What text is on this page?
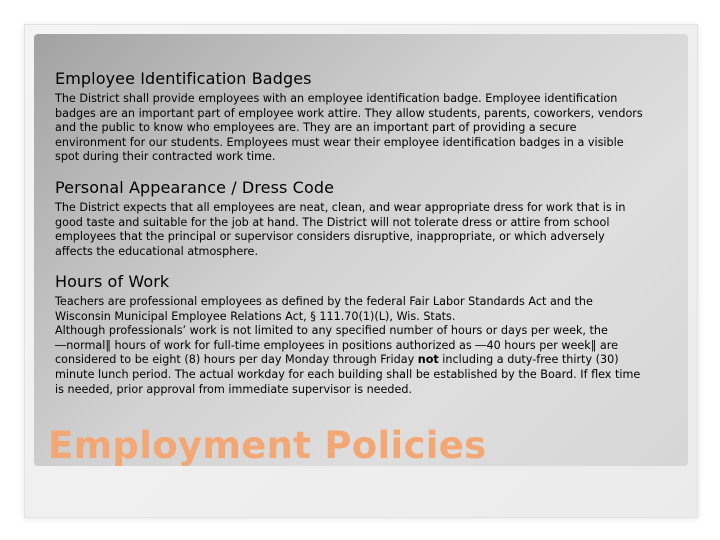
Employee Identification Badges
The District shall provide employees with an employee identification badge. Employee identification badges are an important part of employee work attire. They allow students, parents, coworkers, vendors and the public to know who employees are. They are an important part of providing a secure environment for our students. Employees must wear their employee identification badges in a visible spot during their contracted work time.
Personal Appearance / Dress Code
The District expects that all employees are neat, clean, and wear appropriate dress for work that is in good taste and suitable for the job at hand. The District will not tolerate dress or attire from school employees that the principal or supervisor considers disruptive, inappropriate, or which adversely affects the educational atmosphere.
Hours of Work
Teachers are professional employees as defined by the federal Fair Labor Standards Act and the Wisconsin Municipal Employee Relations Act, § 111.70(1)(L), Wis. Stats.
Although professionals’ work is not limited to any specified number of hours or days per week, the ―normal‖ hours of work for full-time employees in positions authorized as ―40 hours per week‖ are considered to be eight (8) hours per day Monday through Friday not including a duty-free thirty (30) minute lunch period. The actual workday for each building shall be established by the Board. If flex time is needed, prior approval from immediate supervisor is needed.
Employment Policies
